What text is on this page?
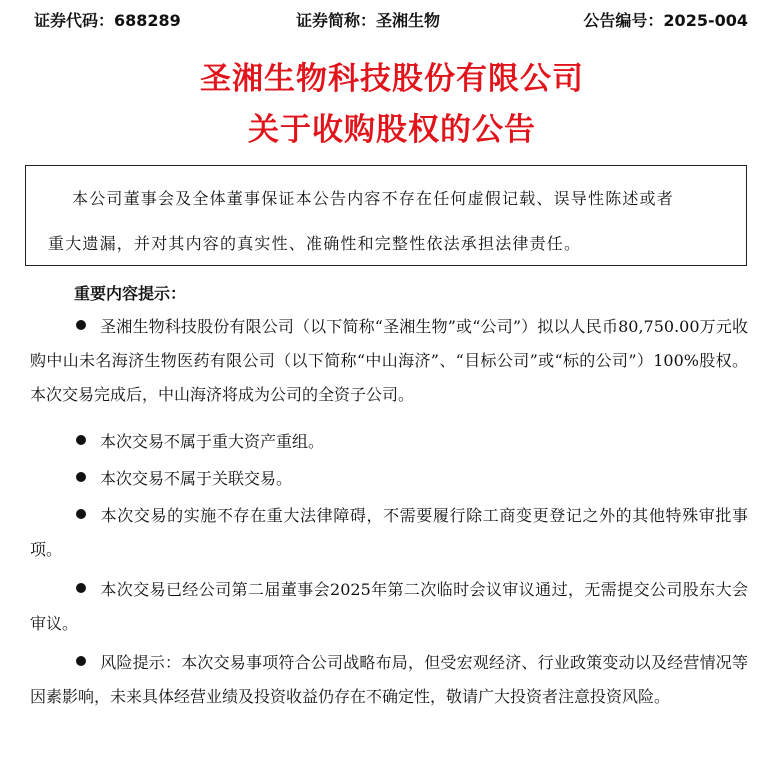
证券代码：688289	证券简称：圣湘生物	公告编号：2025-004
圣湘生物科技股份有限公司
关于收购股权的公告

本公司董事会及全体董事保证本公告内容不存在任何虚假记载、误导性陈述或者

重大遗漏，并对其内容的真实性、准确性和完整性依法承担法律责任。

重要内容提示：

圣湘生物科技股份有限公司（以下简称“圣湘生物”或“公司”）拟以人民币80,750.00万元收购中山未名海济生物医药有限公司（以下简称“中山海济”、“目标公司”或“标的公司”）100%股权。本次交易完成后，中山海济将成为公司的全资子公司。

本次交易不属于重大资产重组。

本次交易不属于关联交易。

本次交易的实施不存在重大法律障碍，不需要履行除工商变更登记之外的其他特殊审批事项。

本次交易已经公司第二届董事会2025年第二次临时会议审议通过，无需提交公司股东大会审议。

风险提示：本次交易事项符合公司战略布局，但受宏观经济、行业政策变动以及经营情况等因素影响，未来具体经营业绩及投资收益仍存在不确定性，敬请广大投资者注意投资风险。
